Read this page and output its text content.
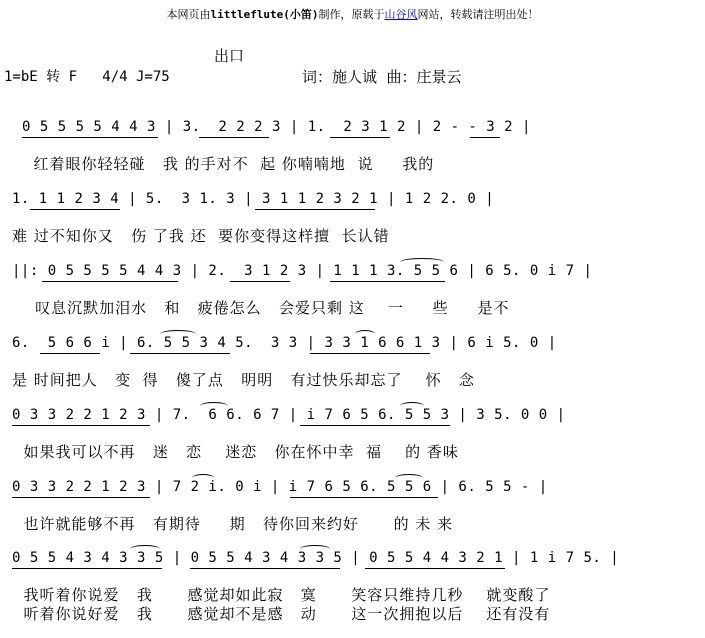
本网页由littleflute(小笛)制作，原载于山谷风网站，转载请注明出处！
出口
1=bE 转 F   4/4 J=75	词：施人诚  曲：庄景云
0 5 5 5 5 4 4 3 | 3.  2 2 2 3 | 1.  2 3 1 2 | 2 - - 3 2 |
红着眼你轻轻碰   我 的手对不  起 你喃喃地  说     我的
1. 1 1 2 3 4 | 5.  3 1. 3 | 3 1 1 2 3 2 1 | 1 2 2. 0 |
难 过不知你又   伤 了我 还  要你变得这样擅  长认错
||: 0 5 5 5 5 4 4 3 | 2.  3 1 2 3 | 1 1 1 3. 5 5 6 | 6 5. 0 i 7 |
叹息沉默加泪水   和   疲倦怎么   会爱只剩 这    一     些     是不
6.  5 6 6 i | 6. 5 5 3 4 5.  3 3 | 3 3 1 6 6 1 3 | 6 i 5. 0 |
是 时间把人   变  得   傻了点   明明   有过快乐却忘了    怀   念
0 3 3 2 2 1 2 3 | 7.  6 6. 6 7 | i 7 6 5 6. 5 5 3 | 3 5. 0 0 |
如果我可以不再   迷   恋    迷恋   你在怀中幸  福    的 香味
0 3 3 2 2 1 2 3 | 7 2 i. 0 i | i 7 6 5 6. 5 5 6 | 6. 5 5 - |
也许就能够不再   有期待     期   待你回来约好      的 未 来
0 5 5 4 3 4 3 3 5 | 0 5 5 4 3 4 3 3 5 | 0 5 5 4 4 3 2 1 | 1 i 7 5. |
我听着你说爱   我      感觉却如此寂   寞      笑容只维持几秒    就变酸了
听着你说好爱   我      感觉却不是感   动      这一次拥抱以后    还有没有
